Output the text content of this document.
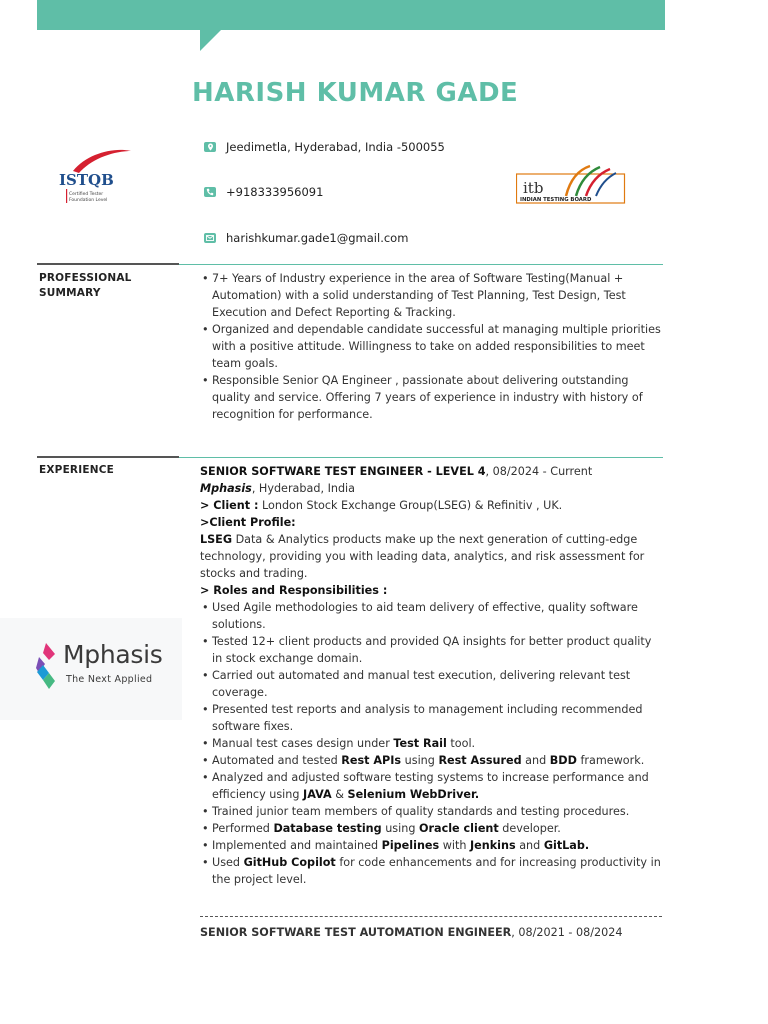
HARISH KUMAR GADE
Jeedimetla, Hyderabad, India -500055
+918333956091
harishkumar.gade1@gmail.com
ISTQB
Certified Tester
Foundation Level
itb
INDIAN TESTING BOARD
PROFESSIONAL
SUMMARY
• 7+ Years of Industry experience in the area of Software Testing(Manual + Automation) with a solid understanding of Test Planning, Test Design, Test Execution and Defect Reporting & Tracking.
• Organized and dependable candidate successful at managing multiple priorities with a positive attitude. Willingness to take on added responsibilities to meet team goals.
• Responsible Senior QA Engineer , passionate about delivering outstanding quality and service. Offering 7 years of experience in industry with history of recognition for performance.
EXPERIENCE
Mphasis
The Next Applied
SENIOR SOFTWARE TEST ENGINEER - LEVEL 4, 08/2024 - Current
Mphasis, Hyderabad, India
> Client : London Stock Exchange Group(LSEG) & Refinitiv , UK.
>Client Profile:
LSEG Data & Analytics products make up the next generation of cutting-edge technology, providing you with leading data, analytics, and risk assessment for stocks and trading.
> Roles and Responsibilities :
• Used Agile methodologies to aid team delivery of effective, quality software solutions.
• Tested 12+ client products and provided QA insights for better product quality in stock exchange domain.
• Carried out automated and manual test execution, delivering relevant test coverage.
• Presented test reports and analysis to management including recommended software fixes.
• Manual test cases design under Test Rail tool.
• Automated and tested Rest APIs using Rest Assured and BDD framework.
• Analyzed and adjusted software testing systems to increase performance and efficiency using JAVA & Selenium WebDriver.
• Trained junior team members of quality standards and testing procedures.
• Performed Database testing using Oracle client developer.
• Implemented and maintained Pipelines with Jenkins and GitLab.
• Used GitHub Copilot for code enhancements and for increasing productivity in the project level.
SENIOR SOFTWARE TEST AUTOMATION ENGINEER, 08/2021 - 08/2024
